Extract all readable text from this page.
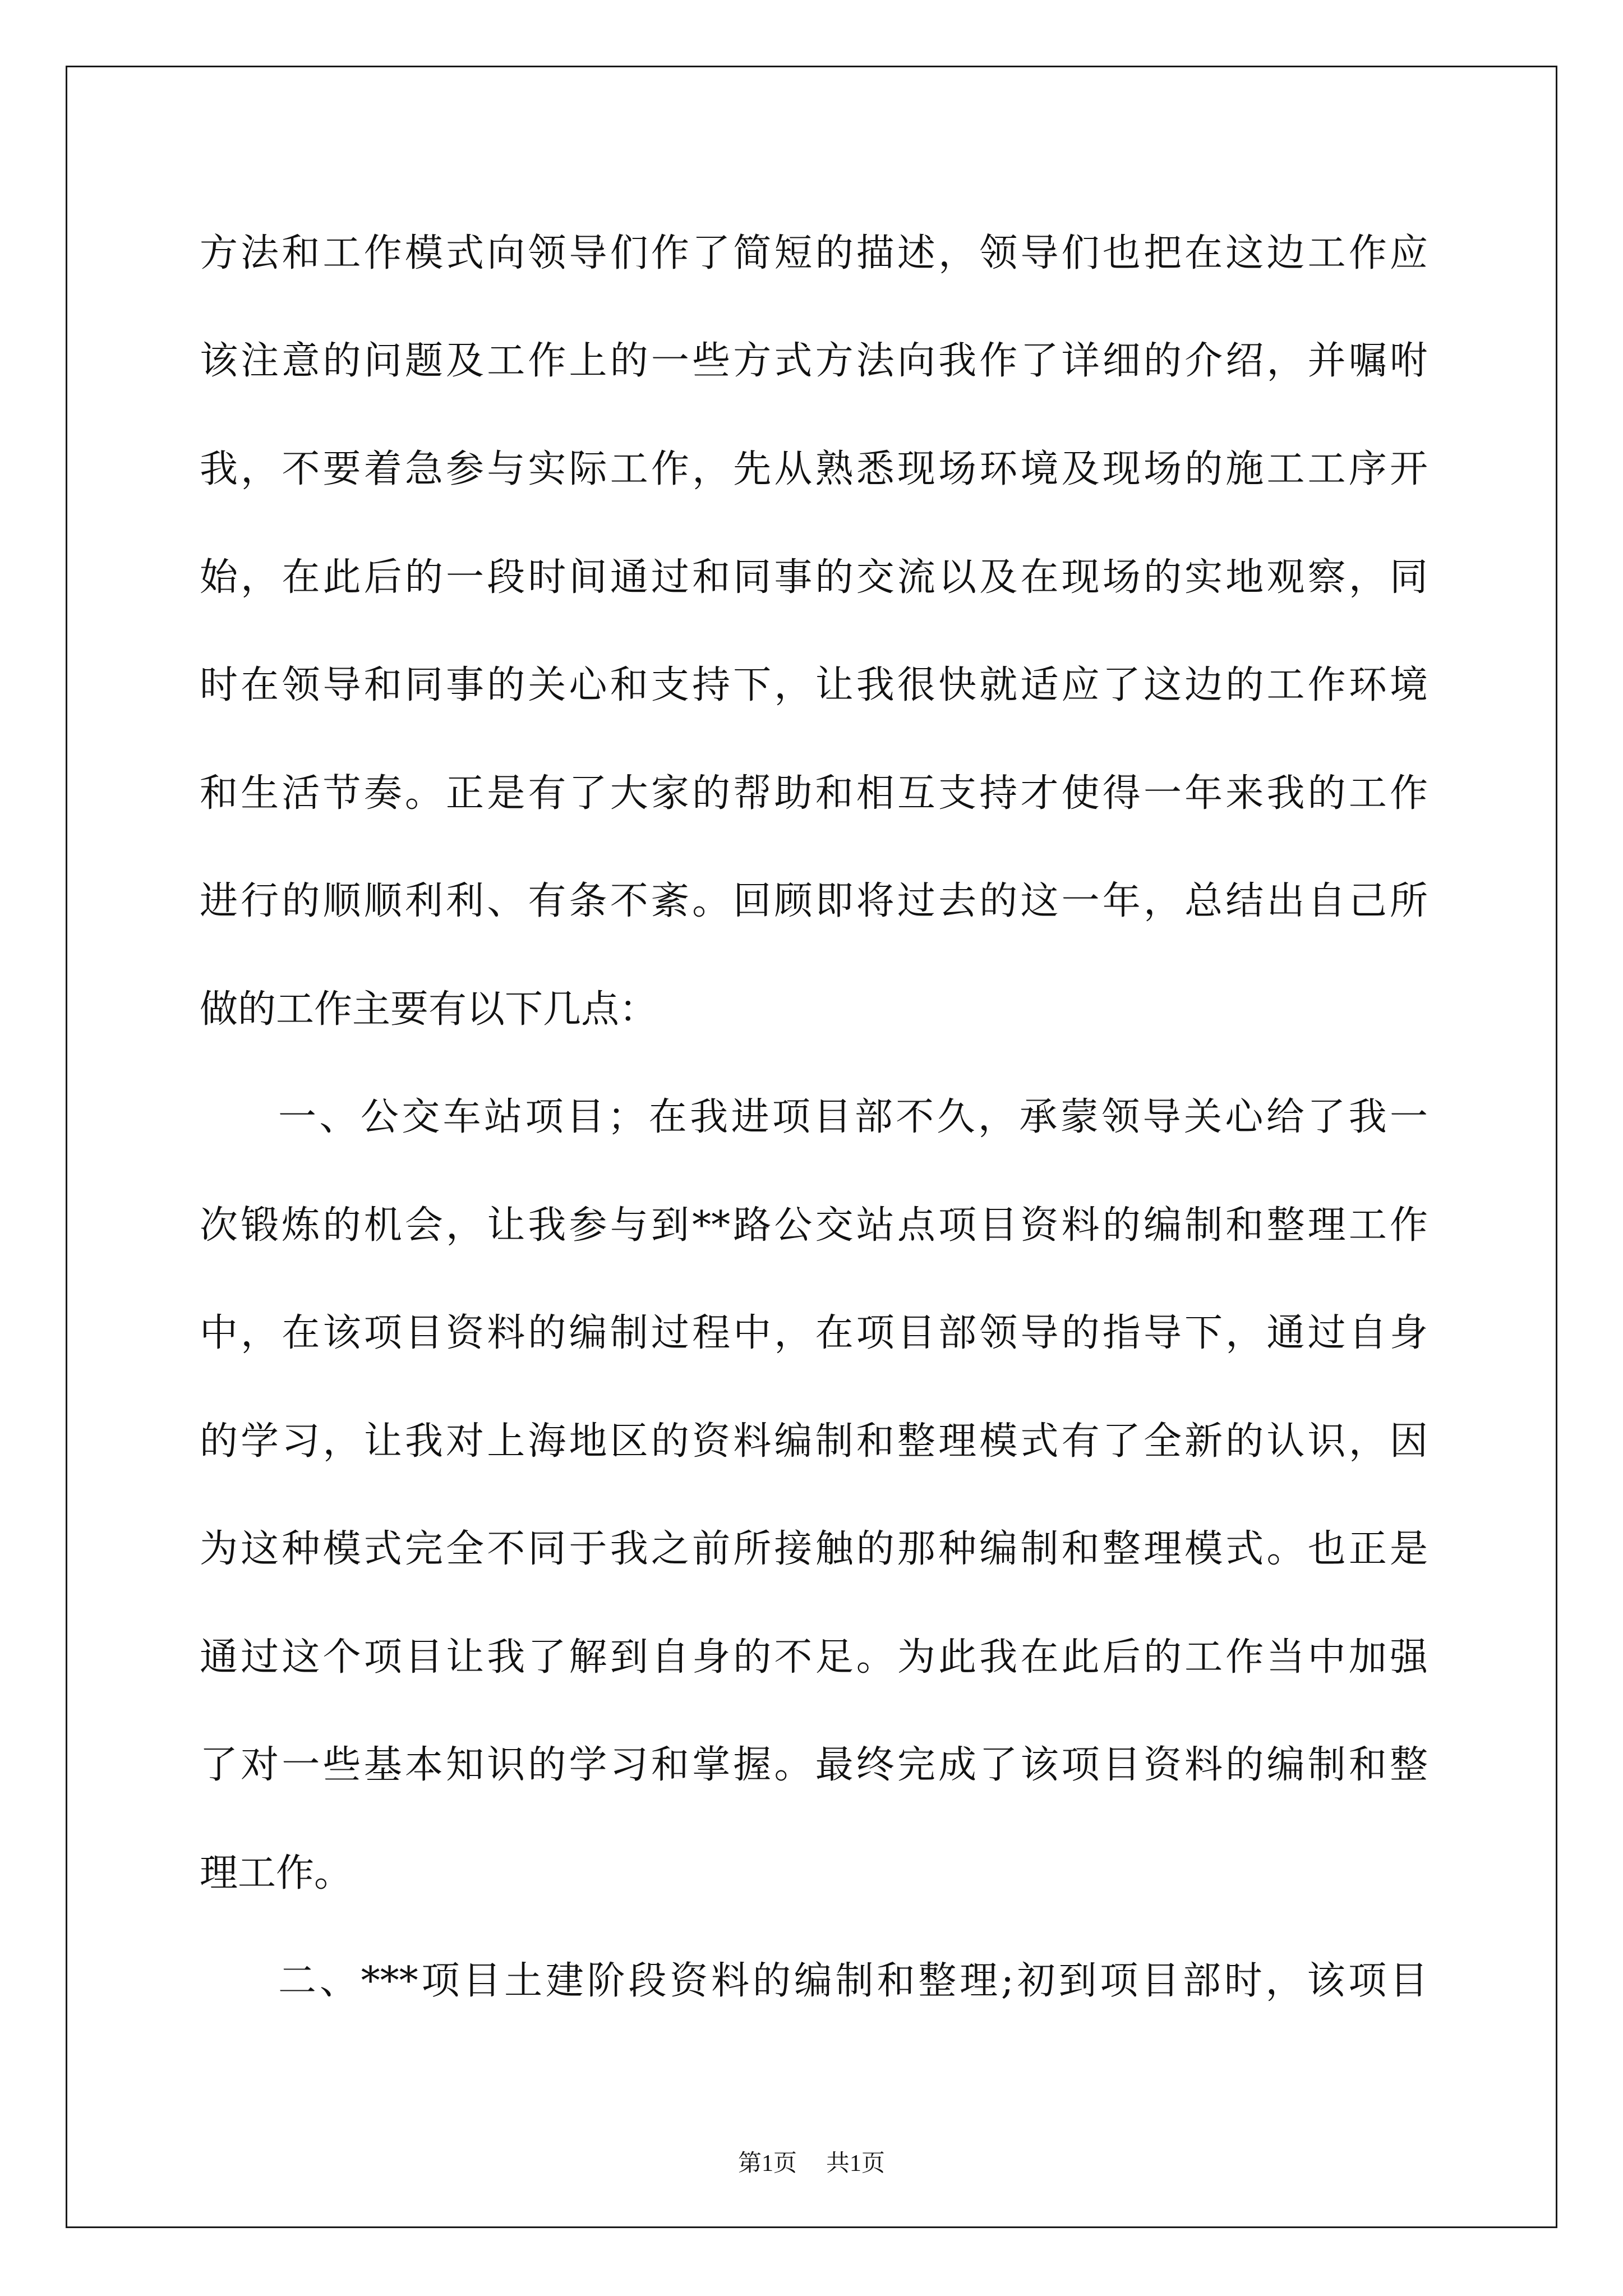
方法和工作模式向领导们作了简短的描述，领导们也把在这边工作应
该注意的问题及工作上的一些方式方法向我作了详细的介绍，并嘱咐
我，不要着急参与实际工作，先从熟悉现场环境及现场的施工工序开
始，在此后的一段时间通过和同事的交流以及在现场的实地观察，同
时在领导和同事的关心和支持下，让我很快就适应了这边的工作环境
和生活节奏。正是有了大家的帮助和相互支持才使得一年来我的工作
进行的顺顺利利、有条不紊。回顾即将过去的这一年，总结出自己所
做的工作主要有以下几点：
一、公交车站项目；在我进项目部不久，承蒙领导关心给了我一
次锻炼的机会，让我参与到**路公交站点项目资料的编制和整理工作
中，在该项目资料的编制过程中，在项目部领导的指导下，通过自身
的学习，让我对上海地区的资料编制和整理模式有了全新的认识，因
为这种模式完全不同于我之前所接触的那种编制和整理模式。也正是
通过这个项目让我了解到自身的不足。为此我在此后的工作当中加强
了对一些基本知识的学习和掌握。最终完成了该项目资料的编制和整
理工作。
二、***项目土建阶段资料的编制和整理;初到项目部时，该项目
第1页 共1页
